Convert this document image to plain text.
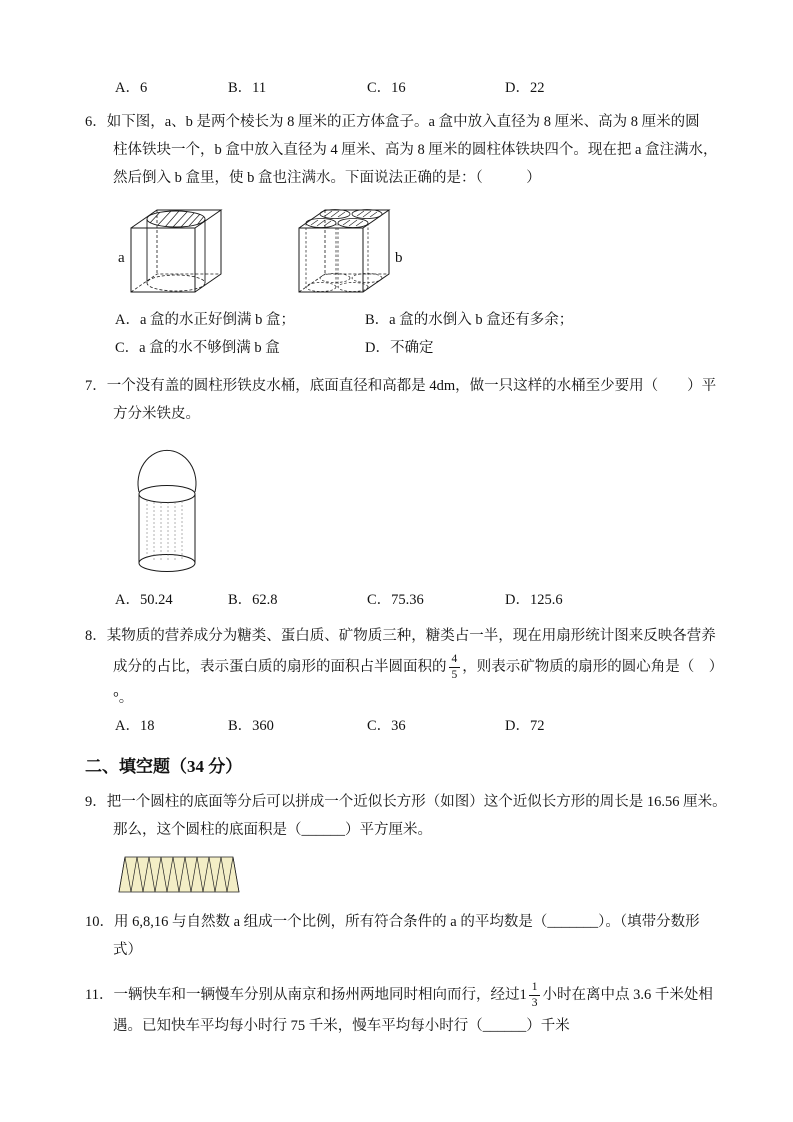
A．6	B．11	C．16	D．22
6．如下图，a、b 是两个棱长为 8 厘米的正方体盒子。a 盒中放入直径为 8 厘米、高为 8 厘米的圆
柱体铁块一个，b 盒中放入直径为 4 厘米、高为 8 厘米的圆柱体铁块四个。现在把 a 盒注满水，
然后倒入 b 盒里，使 b 盒也注满水。下面说法正确的是：（　　　）
a	b
A．a 盒的水正好倒满 b 盒；	B．a 盒的水倒入 b 盒还有多余；
C．a 盒的水不够倒满 b 盒	D．不确定
7．一个没有盖的圆柱形铁皮水桶，底面直径和高都是 4dm，做一只这样的水桶至少要用（　　）平
方分米铁皮。
A．50.24	B．62.8	C．75.36	D．125.6
8．某物质的营养成分为糖类、蛋白质、矿物质三种，糖类占一半，现在用扇形统计图来反映各营养
成分的占比，表示蛋白质的扇形的面积占半圆面积的 $\frac{4}{5}$ ，则表示矿物质的扇形的圆心角是（　）
°。
A．18	B．360	C．36	D．72
二、填空题（34 分）
9．把一个圆柱的底面等分后可以拼成一个近似长方形（如图）这个近似长方形的周长是 16.56 厘米。
那么，这个圆柱的底面积是（______）平方厘米。
10．用 6,8,16 与自然数 a 组成一个比例，所有符合条件的 a 的平均数是（_______）。（填带分数形
式）
11．一辆快车和一辆慢车分别从南京和扬州两地同时相向而行，经过$1 \frac{1}{3}$ 小时在离中点 3.6 千米处相
遇。已知快车平均每小时行 75 千米，慢车平均每小时行（______）千米
